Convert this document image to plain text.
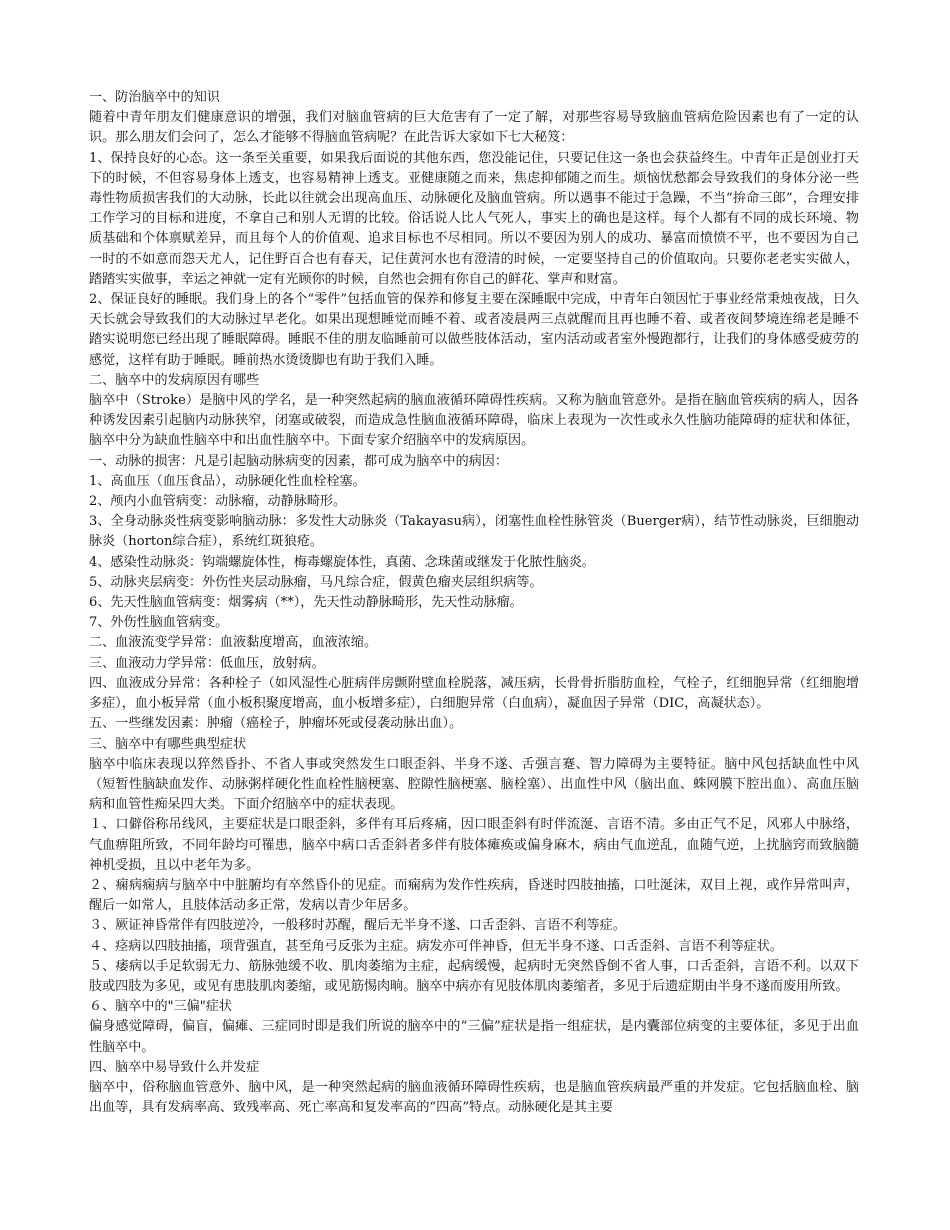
一、防治脑卒中的知识

随着中青年朋友们健康意识的增强，我们对脑血管病的巨大危害有了一定了解，对那些容易导致脑血管病危险因素也有了一定的认识。那么朋友们会问了，怎么才能够不得脑血管病呢？在此告诉大家如下七大秘笈：

1、保持良好的心态。这一条至关重要，如果我后面说的其他东西，您没能记住，只要记住这一条也会获益终生。中青年正是创业打天下的时候，不但容易身体上透支，也容易精神上透支。亚健康随之而来，焦虑抑郁随之而生。烦恼忧愁都会导致我们的身体分泌一些毒性物质损害我们的大动脉，长此以往就会出现高血压、动脉硬化及脑血管病。所以遇事不能过于急躁，不当“拚命三郎”，合理安排工作学习的目标和进度，不拿自己和别人无谓的比较。俗话说人比人气死人，事实上的确也是这样。每个人都有不同的成长环境、物质基础和个体禀赋差异，而且每个人的价值观、追求目标也不尽相同。所以不要因为别人的成功、暴富而愤愤不平，也不要因为自己一时的不如意而怨天尤人，记住野百合也有春天，记住黄河水也有澄清的时候，一定要坚持自己的价值取向。只要你老老实实做人，踏踏实实做事，幸运之神就一定有光顾你的时候，自然也会拥有你自己的鲜花、掌声和财富。

2、保证良好的睡眠。我们身上的各个“零件”包括血管的保养和修复主要在深睡眠中完成，中青年白领因忙于事业经常秉烛夜战，日久天长就会导致我们的大动脉过早老化。如果出现想睡觉而睡不着、或者凌晨两三点就醒而且再也睡不着、或者夜间梦境连绵老是睡不踏实说明您已经出现了睡眠障碍。睡眠不佳的朋友临睡前可以做些肢体活动，室内活动或者室外慢跑都行，让我们的身体感受疲劳的感觉，这样有助于睡眠。睡前热水烫烫脚也有助于我们入睡。

二、脑卒中的发病原因有哪些

脑卒中（Stroke）是脑中风的学名，是一种突然起病的脑血液循环障碍性疾病。又称为脑血管意外。是指在脑血管疾病的病人，因各种诱发因素引起脑内动脉狭窄，闭塞或破裂，而造成急性脑血液循环障碍，临床上表现为一次性或永久性脑功能障碍的症状和体征，脑卒中分为缺血性脑卒中和出血性脑卒中。下面专家介绍脑卒中的发病原因。

一、动脉的损害：凡是引起脑动脉病变的因素，都可成为脑卒中的病因：

1、高血压（血压食品），动脉硬化性血栓栓塞。

2、颅内小血管病变：动脉瘤，动静脉畸形。

3、全身动脉炎性病变影响脑动脉：多发性大动脉炎（Takayasu病），闭塞性血栓性脉管炎（Buerger病），结节性动脉炎，巨细胞动脉炎（horton综合症），系统红斑狼疮。

4、感染性动脉炎：钩端螺旋体性，梅毒螺旋体性，真菌、念珠菌或继发于化脓性脑炎。

5、动脉夹层病变：外伤性夹层动脉瘤，马凡综合症，假黄色瘤夹层组织病等。

6、先天性脑血管病变：烟雾病（**），先天性动静脉畸形，先天性动脉瘤。

7、外伤性脑血管病变。

二、血液流变学异常：血液黏度增高，血液浓缩。

三、血液动力学异常：低血压，放射病。

四、血液成分异常：各种栓子（如风湿性心脏病伴房颤附壁血栓脱落，减压病，长骨骨折脂肪血栓，气栓子，红细胞异常（红细胞增多症），血小板异常（血小板积聚度增高，血小板增多症），白细胞异常（白血病），凝血因子异常（DIC，高凝状态）。

五、一些继发因素：肿瘤（癌栓子，肿瘤坏死或侵袭动脉出血）。

三、脑卒中有哪些典型症状

脑卒中临床表现以猝然昏扑、不省人事或突然发生口眼歪斜、半身不遂、舌强言蹇、智力障碍为主要特征。脑中风包括缺血性中风（短暂性脑缺血发作、动脉粥样硬化性血栓性脑梗塞、腔隙性脑梗塞、脑栓塞）、出血性中风（脑出血、蛛网膜下腔出血）、高血压脑病和血管性痴呆四大类。下面介绍脑卒中的症状表现。

１、口僻俗称吊线风，主要症状是口眼歪斜，多伴有耳后疼痛，因口眼歪斜有时伴流涎、言语不清。多由正气不足，风邪人中脉络，气血痹阻所致，不同年龄均可罹患，脑卒中病口舌歪斜者多伴有肢体瘫痪或偏身麻木，病由气血逆乱，血随气逆，上扰脑窍而致脑髓神机受损，且以中老年为多。

２、痫病痫病与脑卒中中脏腑均有卒然昏仆的见症。而痫病为发作性疾病，昏迷时四肢抽搐，口吐涎沫，双目上视，或作异常叫声，醒后一如常人，且肢体活动多正常，发病以青少年居多。

３、厥证神昏常伴有四肢逆冷，一般移时苏醒，醒后无半身不遂、口舌歪斜、言语不利等症。

４、痉病以四肢抽搐，项背强直，甚至角弓反张为主症。病发亦可伴神昏，但无半身不遂、口舌歪斜、言语不利等症状。

５、痿病以手足软弱无力、筋脉弛缓不收、肌肉萎缩为主症，起病缓慢，起病时无突然昏倒不省人事，口舌歪斜，言语不利。以双下肢或四肢为多见，或见有患肢肌肉萎缩，或见筋惕肉晌。脑卒中病亦有见肢体肌肉萎缩者，多见于后遗症期由半身不遂而废用所致。

６、脑卒中的"三偏"症状

偏身感觉障碍，偏盲，偏瘫、三症同时即是我们所说的脑卒中的“三偏”症状是指一组症状，是内囊部位病变的主要体征，多见于出血性脑卒中。

四、脑卒中易导致什么并发症

脑卒中，俗称脑血管意外、脑中风，是一种突然起病的脑血液循环障碍性疾病，也是脑血管疾病最严重的并发症。它包括脑血栓、脑出血等，具有发病率高、致残率高、死亡率高和复发率高的“四高”特点。动脉硬化是其主要
